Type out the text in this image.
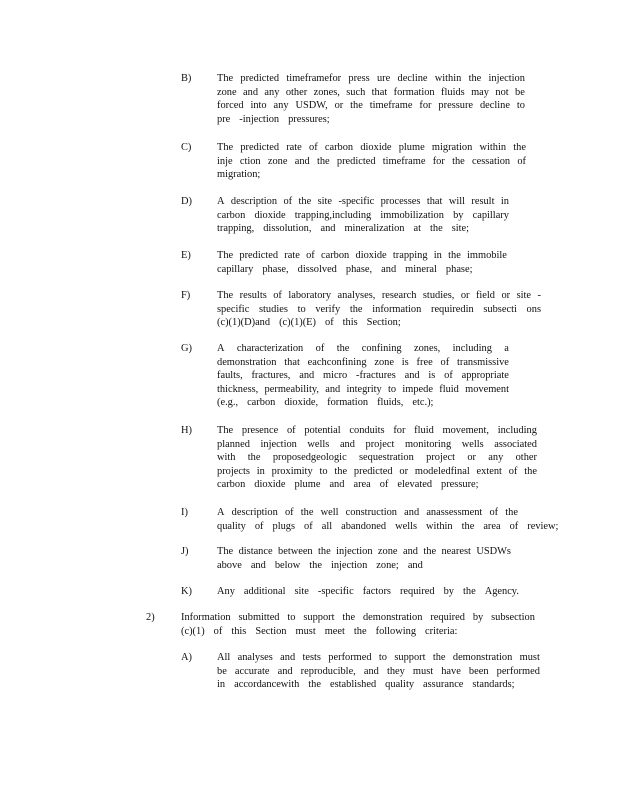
B) The predicted timeframefor press ure decline within the injection
zone and any other zones, such that formation fluids may not be
forced into any USDW, or the timeframe for pressure decline to
pre -injection pressures;
C) The predicted rate of carbon dioxide plume migration within the
inje ction zone and the predicted timeframe for the cessation of
migration;
D) A description of the site -specific processes that will result in
carbon dioxide trapping,including immobilization by capillary
trapping, dissolution, and mineralization at the site;
E)	The predicted rate of carbon dioxide trapping in the immobile
capillary phase, dissolved phase, and mineral phase;
F)	The results of laboratory analyses, research studies, or field or site -
specific studies to verify the information requiredin subsecti ons
(c)(1)(D)and (c)(1)(E) of this Section;
G) A characterization of the confining zones, including a
demonstration that eachconfining zone is free of transmissive
faults, fractures, and micro -fractures and is of appropriate
thickness, permeability, and integrity to impede fluid movement
(e.g., carbon dioxide, formation fluids, etc.);
H) The presence of potential conduits for fluid movement, including
planned injection wells and project monitoring wells associated
with the proposedgeologic sequestration project or any other
projects in proximity to the predicted or modeledfinal extent of the
carbon dioxide plume and area of elevated pressure;
I)	A description of the well construction and anassessment of the
quality of plugs of all abandoned wells within the area of review;
J)	The distance between the injection zone and the nearest USDWs
above and below the injection zone; and
K) Any additional site -specific factors required by the Agency.
2)	Information submitted to support the demonstration required by subsection
(c)(1) of this Section must meet the following criteria:
A) All analyses and tests performed to support the demonstration must
be accurate and reproducible, and they must have been performed
in accordancewith the established quality assurance standards;
